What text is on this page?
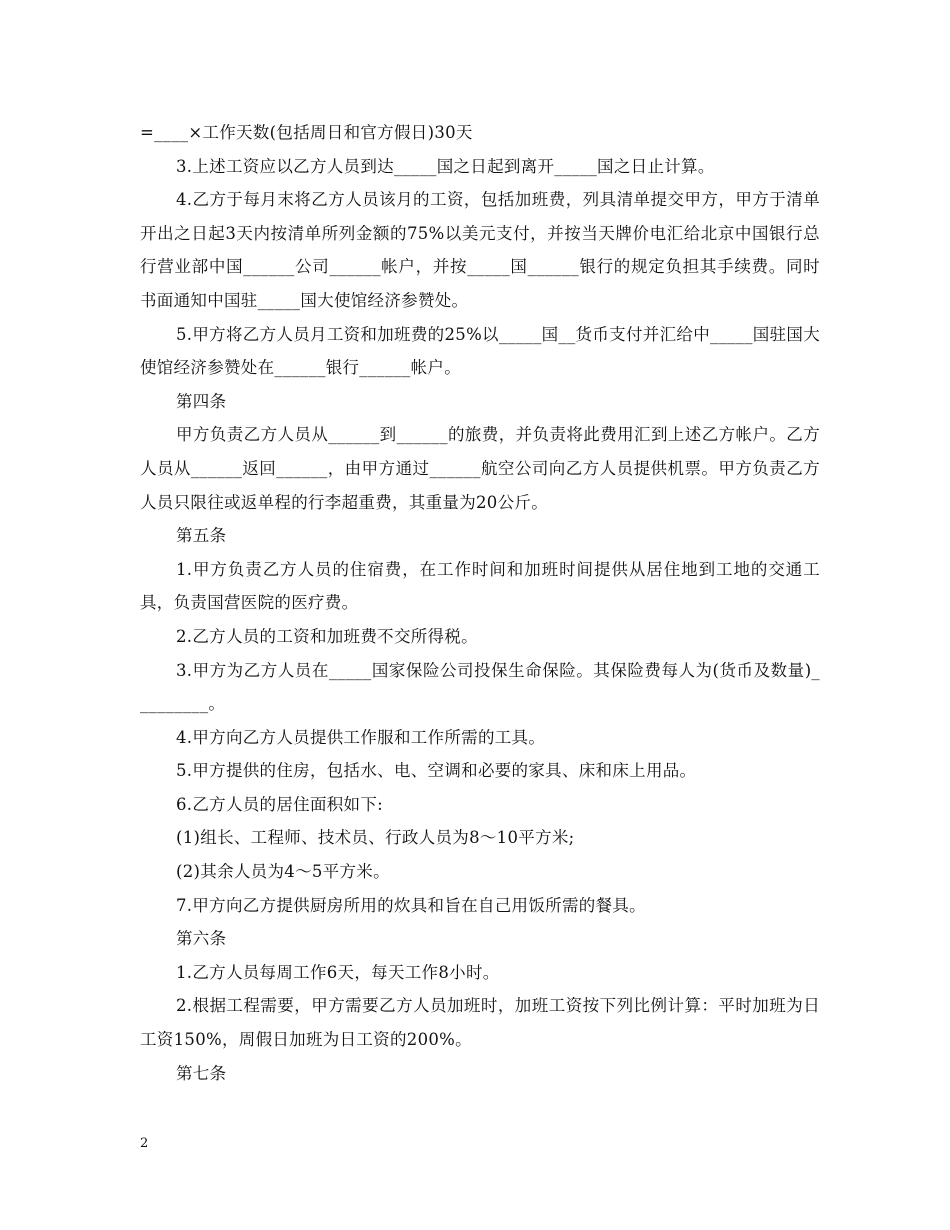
=____×工作天数(包括周日和官方假日)30天

3.上述工资应以乙方人员到达_____国之日起到离开_____国之日止计算。

4.乙方于每月末将乙方人员该月的工资，包括加班费，列具清单提交甲方，甲方于清单开出之日起3天内按清单所列金额的75%以美元支付，并按当天牌价电汇给北京中国银行总行营业部中国______公司______帐户，并按_____国______银行的规定负担其手续费。同时书面通知中国驻_____国大使馆经济参赞处。

5.甲方将乙方人员月工资和加班费的25%以_____国__货币支付并汇给中_____国驻国大使馆经济参赞处在______银行______帐户。

第四条

甲方负责乙方人员从______到______的旅费，并负责将此费用汇到上述乙方帐户。乙方人员从______返回______，由甲方通过______航空公司向乙方人员提供机票。甲方负责乙方人员只限往或返单程的行李超重费，其重量为20公斤。

第五条

1.甲方负责乙方人员的住宿费，在工作时间和加班时间提供从居住地到工地的交通工具，负责国营医院的医疗费。

2.乙方人员的工资和加班费不交所得税。

3.甲方为乙方人员在_____国家保险公司投保生命保险。其保险费每人为(货币及数量)_________。

4.甲方向乙方人员提供工作服和工作所需的工具。

5.甲方提供的住房，包括水、电、空调和必要的家具、床和床上用品。

6.乙方人员的居住面积如下:

(1)组长、工程师、技术员、行政人员为8～10平方米;

(2)其余人员为4～5平方米。

7.甲方向乙方提供厨房所用的炊具和旨在自己用饭所需的餐具。

第六条

1.乙方人员每周工作6天，每天工作8小时。

2.根据工程需要，甲方需要乙方人员加班时，加班工资按下列比例计算：平时加班为日工资150%，周假日加班为日工资的200%。

第七条

2
